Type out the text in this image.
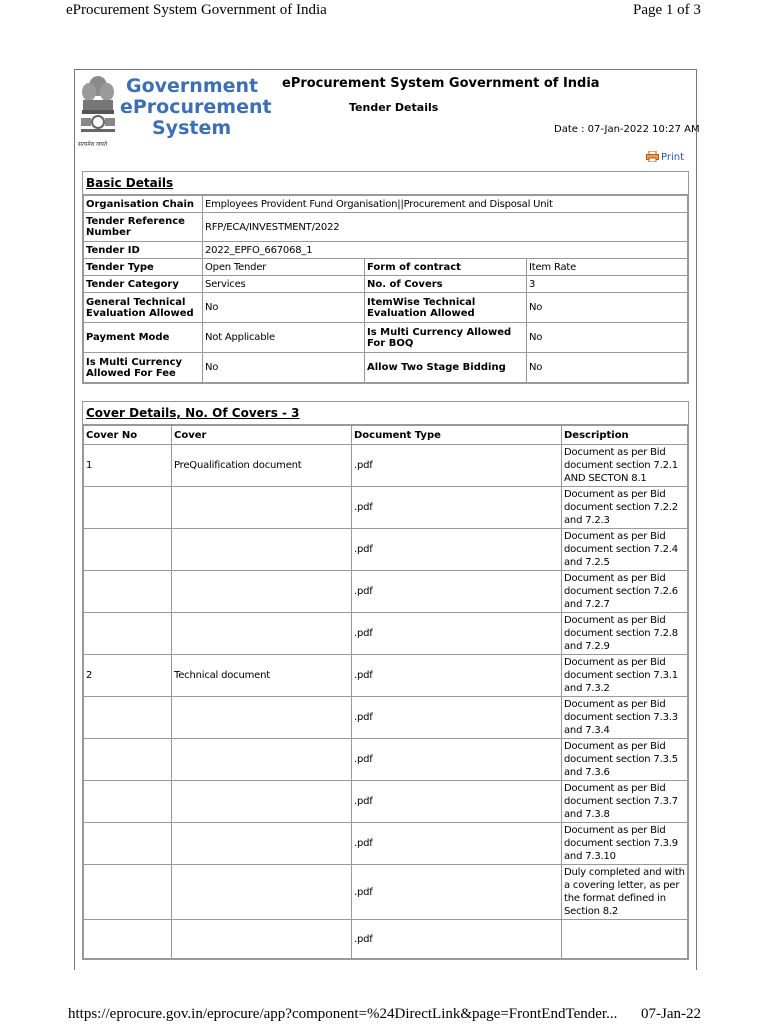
eProcurement System Government of India	Page 1 of 3
सत्यमेव जयते
Government
eProcurement
System
eProcurement System Government of India
Tender Details
Date : 07-Jan-2022 10:27 AM
Print
Basic Details
Organisation Chain	Employees Provident Fund Organisation||Procurement and Disposal Unit		
Tender Reference Number	RFP/ECA/INVESTMENT/2022		
Tender ID	2022_EPFO_667068_1		
Tender Type	Open Tender	Form of contract	Item Rate
Tender Category	Services	No. of Covers	3
General Technical Evaluation Allowed	No	ItemWise Technical Evaluation Allowed	No
Payment Mode	Not Applicable	Is Multi Currency Allowed For BOQ	No
Is Multi Currency Allowed For Fee	No	Allow Two Stage Bidding	No
Cover Details, No. Of Covers - 3
Cover No	Cover	Document Type	Description
1	PreQualification document	.pdf	Document as per Bid document section 7.2.1 AND SECTON 8.1
		.pdf	Document as per Bid document section 7.2.2 and 7.2.3
		.pdf	Document as per Bid document section 7.2.4 and 7.2.5
		.pdf	Document as per Bid document section 7.2.6 and 7.2.7
		.pdf	Document as per Bid document section 7.2.8 and 7.2.9
2	Technical document	.pdf	Document as per Bid document section 7.3.1 and 7.3.2
		.pdf	Document as per Bid document section 7.3.3 and 7.3.4
		.pdf	Document as per Bid document section 7.3.5 and 7.3.6
		.pdf	Document as per Bid document section 7.3.7 and 7.3.8
		.pdf	Document as per Bid document section 7.3.9 and 7.3.10
		.pdf	Duly completed and with a covering letter, as per the format defined in Section 8.2
		.pdf	
https://eprocure.gov.in/eprocure/app?component=%24DirectLink&page=FrontEndTender... 07-Jan-22
